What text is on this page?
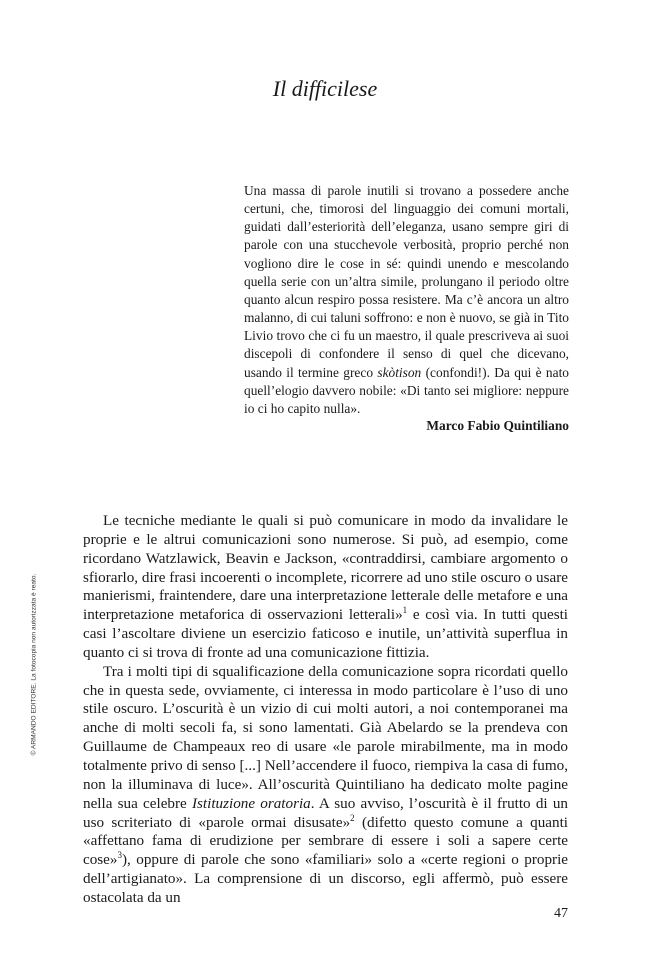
Il difficilese

Una massa di parole inutili si trovano a possedere anche certuni, che, timorosi del linguaggio dei comuni mortali, guidati dall’esteriorità dell’eleganza, usano sempre giri di parole con una stucchevole verbosità, proprio perché non vogliono dire le cose in sé: quindi unendo e mescolando quella serie con un’altra simile, prolungano il periodo oltre quanto alcun respiro possa resistere. Ma c’è ancora un altro malanno, di cui taluni soffrono: e non è nuovo, se già in Tito Livio trovo che ci fu un maestro, il quale prescriveva ai suoi discepoli di confondere il senso di quel che dicevano, usando il termine greco skòtison (confondi!). Da qui è nato quell’elogio davvero nobile: «Di tanto sei migliore: neppure io ci ho capito nulla».

Marco Fabio Quintiliano

Le tecniche mediante le quali si può comunicare in modo da invalidare le proprie e le altrui comunicazioni sono numerose. Si può, ad esempio, come ricordano Watzlawick, Beavin e Jackson, «contraddirsi, cambiare argomento o sfiorarlo, dire frasi incoerenti o incomplete, ricorrere ad uno stile oscuro o usare manierismi, fraintendere, dare una interpretazione letterale delle metafore e una interpretazione metaforica di osservazioni letterali»$^1$ e così via. In tutti questi casi l’ascoltare diviene un esercizio faticoso e inutile, un’attività superflua in quanto ci si trova di fronte ad una comunicazione fittizia.

Tra i molti tipi di squalificazione della comunicazione sopra ricordati quello che in questa sede, ovviamente, ci interessa in modo particolare è l’uso di uno stile oscuro. L’oscurità è un vizio di cui molti autori, a noi contemporanei ma anche di molti secoli fa, si sono lamentati. Già Abelardo se la prendeva con Guillaume de Champeaux reo di usare «le parole mirabilmente, ma in modo totalmente privo di senso [...] Nell’accendere il fuoco, riempiva la casa di fumo, non la illuminava di luce». All’oscurità Quintiliano ha dedicato molte pagine nella sua celebre Istituzione oratoria. A suo avviso, l’oscurità è il frutto di un uso scriteriato di «parole ormai disusate»$^2$ (difetto questo comune a quanti «affettano fama di erudizione per sembrare di essere i soli a sapere certe cose»$^3$), oppure di parole che sono «familiari» solo a «certe regioni o proprie dell’artigianato». La comprensione di un discorso, egli affermò, può essere ostacolata da un

© ARMANDO EDITORE. La fotocopia non autorizzata è reato.

47
